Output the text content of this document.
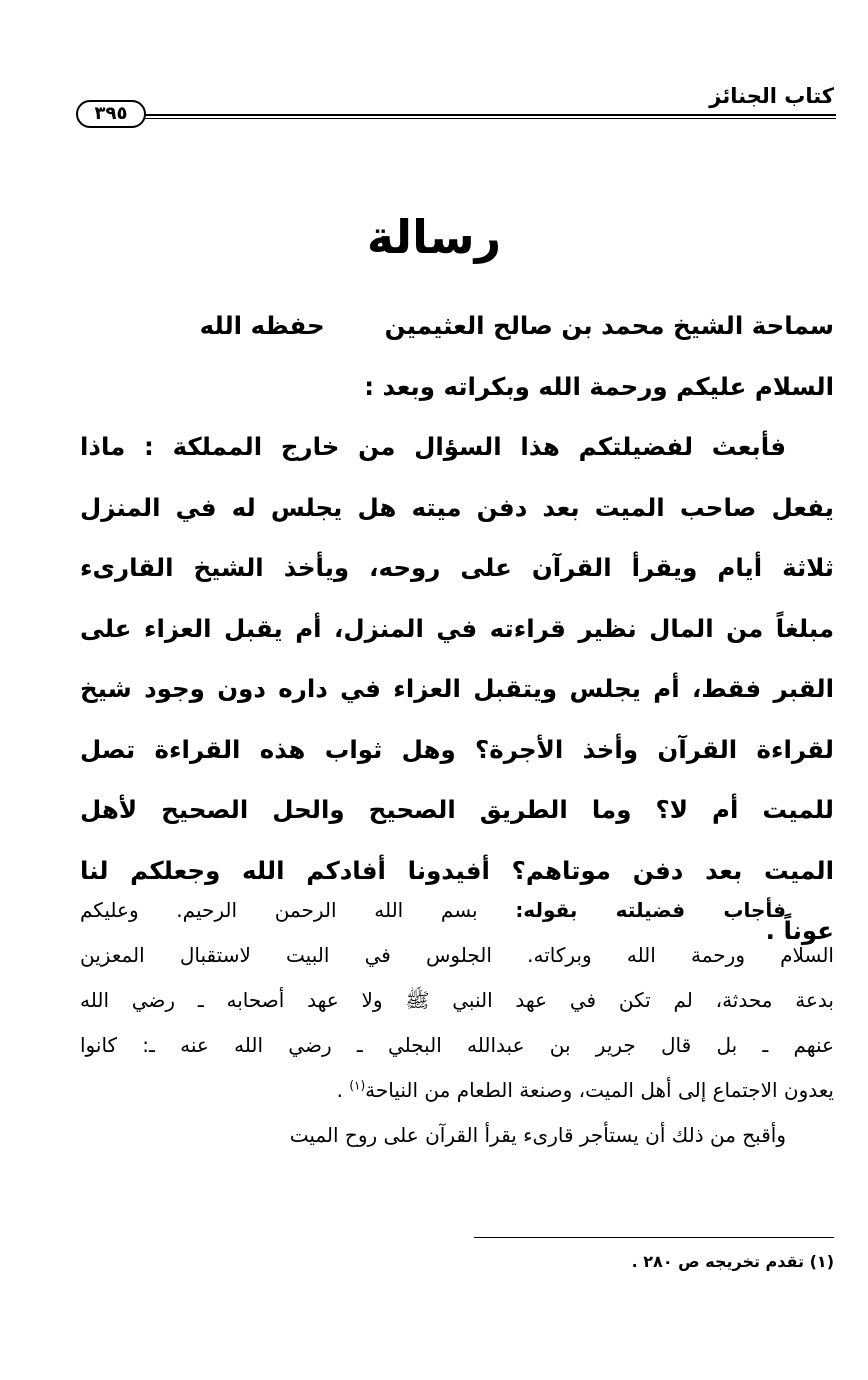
كتاب الجنائز
٣٩٥
رسالة
سماحة الشيخ محمد بن صالح العثيمينحفظه الله
السلام عليكم ورحمة الله وبكراته وبعد :
فأبعث لفضيلتكم هذا السؤال من خارج المملكة : ماذا
يفعل صاحب الميت بعد دفن ميته هل يجلس له في المنزل
ثلاثة أيام ويقرأ القرآن على روحه، ويأخذ الشيخ القارىء
مبلغاً من المال نظير قراءته في المنزل، أم يقبل العزاء على
القبر فقط، أم يجلس ويتقبل العزاء في داره دون وجود شيخ
لقراءة القرآن وأخذ الأجرة؟ وهل ثواب هذه القراءة تصل
للميت أم لا؟ وما الطريق الصحيح والحل الصحيح لأهل
الميت بعد دفن موتاهم؟ أفيدونا أفادكم الله وجعلكم لنا
عوناً .
فأجاب فضيلته بقوله: بسم الله الرحمن الرحيم. وعليكم
السلام ورحمة الله وبركاته. الجلوس في البيت لاستقبال المعزين
بدعة محدثة، لم تكن في عهد النبي ﷺ ولا عهد أصحابه ـ رضي الله
عنهم ـ بل قال جرير بن عبدالله البجلي ـ رضي الله عنه ـ: كانوا
يعدون الاجتماع إلى أهل الميت، وصنعة الطعام من النياحة$^{(١)}$ .
وأقبح من ذلك أن يستأجر قارىء يقرأ القرآن على روح الميت
(١) تقدم تخريجه ص ٢٨٠ .
